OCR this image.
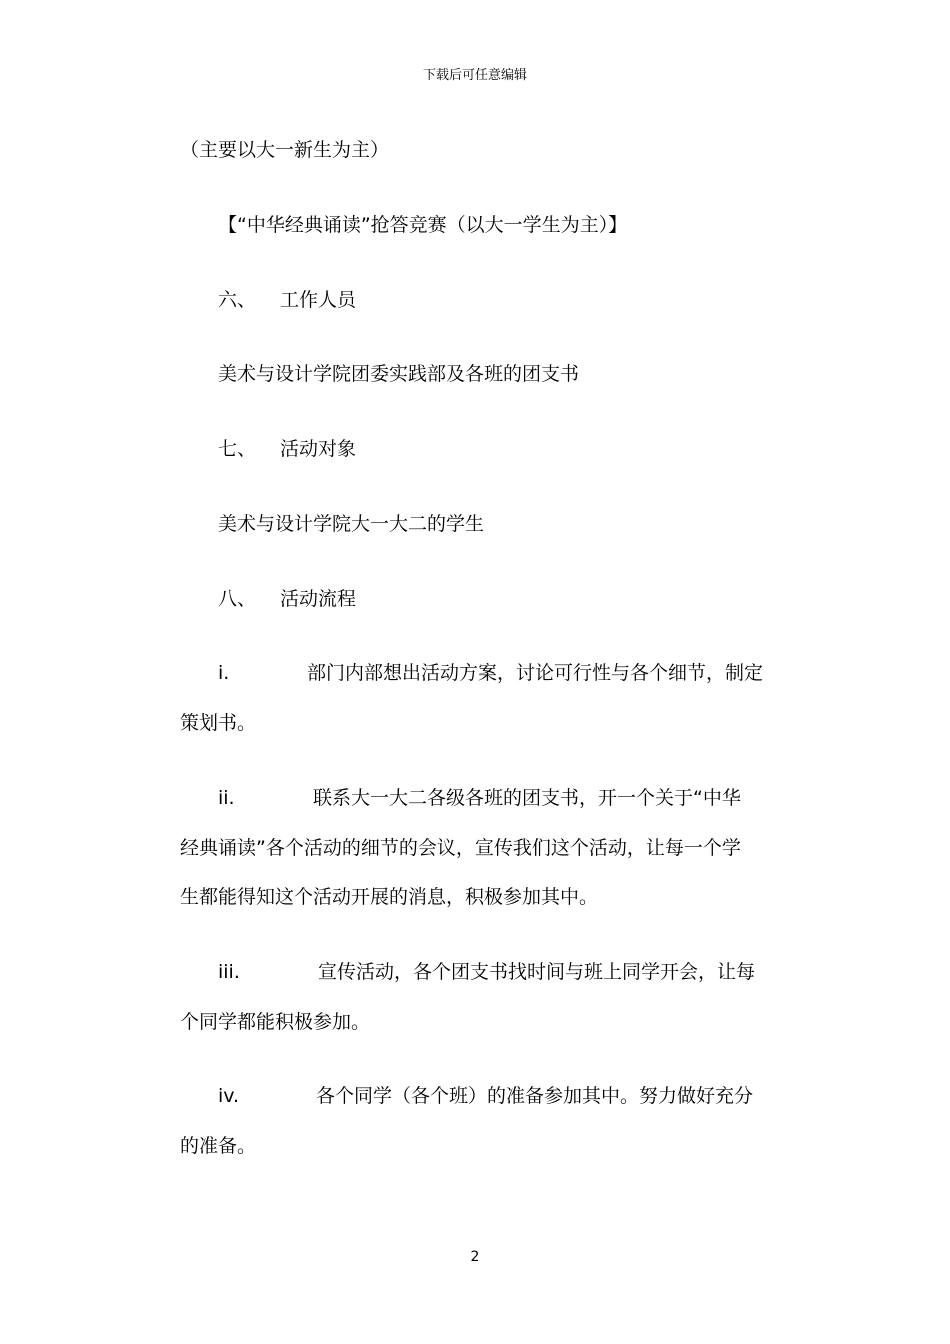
下载后可任意编辑
（主要以大一新生为主）
【“中华经典诵读”抢答竞赛（以大一学生为主）】
六、 工作人员
美术与设计学院团委实践部及各班的团支书
七、 活动对象
美术与设计学院大一大二的学生
八、 活动流程
i.	部门内部想出活动方案，讨论可行性与各个细节，制定
策划书。
ii.	联系大一大二各级各班的团支书，开一个关于“中华
经典诵读”各个活动的细节的会议，宣传我们这个活动，让每一个学
生都能得知这个活动开展的消息，积极参加其中。
iii.	宣传活动，各个团支书找时间与班上同学开会，让每
个同学都能积极参加。
iv.	各个同学（各个班）的准备参加其中。努力做好充分
的准备。
2
